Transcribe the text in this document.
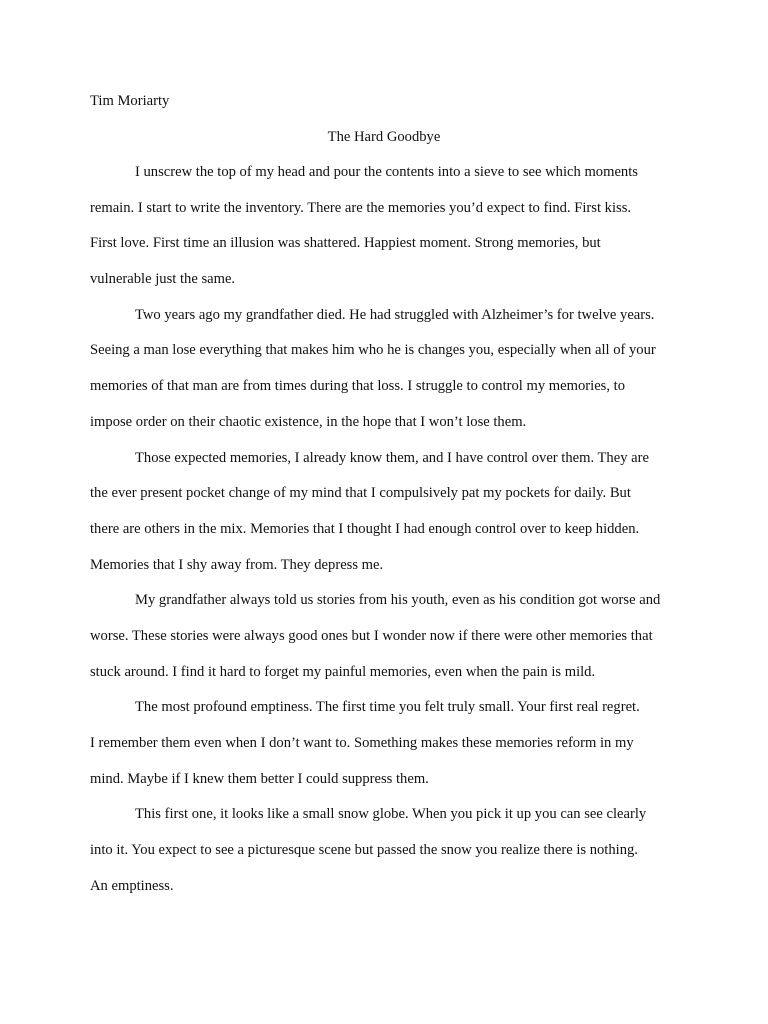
Tim Moriarty
The Hard Goodbye
I unscrew the top of my head and pour the contents into a sieve to see which moments
remain. I start to write the inventory. There are the memories you’d expect to find. First kiss.
First love. First time an illusion was shattered. Happiest moment. Strong memories, but
vulnerable just the same.
Two years ago my grandfather died. He had struggled with Alzheimer’s for twelve years.
Seeing a man lose everything that makes him who he is changes you, especially when all of your
memories of that man are from times during that loss. I struggle to control my memories, to
impose order on their chaotic existence, in the hope that I won’t lose them.
Those expected memories, I already know them, and I have control over them. They are
the ever present pocket change of my mind that I compulsively pat my pockets for daily. But
there are others in the mix. Memories that I thought I had enough control over to keep hidden.
Memories that I shy away from. They depress me.
My grandfather always told us stories from his youth, even as his condition got worse and
worse. These stories were always good ones but I wonder now if there were other memories that
stuck around. I find it hard to forget my painful memories, even when the pain is mild.
The most profound emptiness. The first time you felt truly small. Your first real regret.
I remember them even when I don’t want to. Something makes these memories reform in my
mind. Maybe if I knew them better I could suppress them.
This first one, it looks like a small snow globe. When you pick it up you can see clearly
into it. You expect to see a picturesque scene but passed the snow you realize there is nothing.
An emptiness.
